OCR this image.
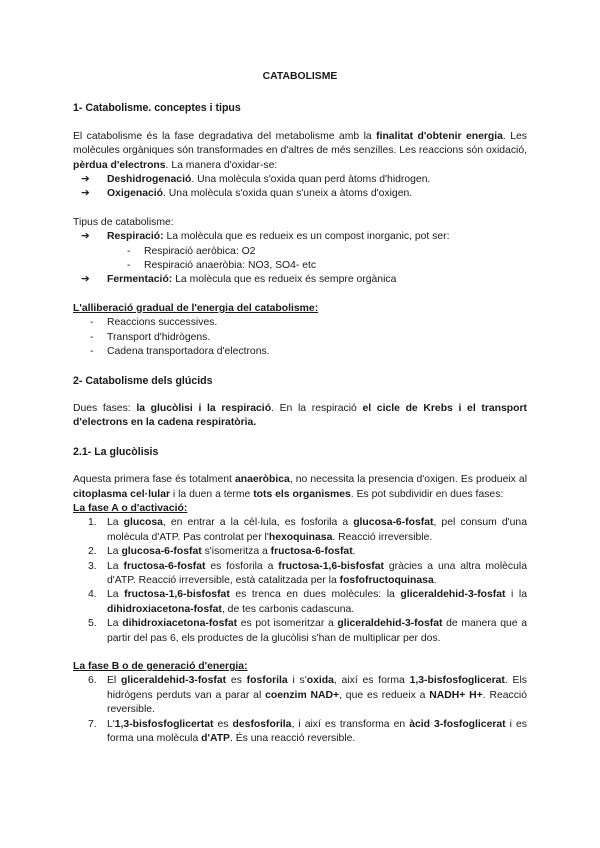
CATABOLISME
1- Catabolisme. conceptes i tipus

El catabolisme és la fase degradativa del metabolisme amb la finalitat d'obtenir energia. Les molècules orgàniques són transformades en d'altres de més senzilles. Les reaccions són oxidació, pèrdua d'electrons. La manera d'oxidar-se:

➔ Deshidrogenació. Una molècula s'oxida quan perd àtoms d'hidrogen.
➔ Oxigenació. Una molècula s'oxida quan s'uneix a àtoms d'oxigen.

Tipus de catabolisme:

➔ Respiració: La molècula que es redueix es un compost inorganic, pot ser:
- Respiració aeròbica: O2
- Respiració anaeròbia: NO3, SO4- etc
➔ Fermentació: La molècula que es redueix és sempre orgànica

L'alliberació gradual de l'energia del catabolisme:

- Reaccions successives.
- Transport d'hidrògens.
- Cadena transportadora d'electrons.
2- Catabolisme dels glúcids

Dues fases: la glucòlisi i la respiració. En la respiració el cicle de Krebs i el transport d'electrons en la cadena respiratòria.

2.1- La glucòlisis

Aquesta primera fase és totalment anaeròbica, no necessita la presencia d'oxigen. Es produeix al citoplasma cel·lular i la duen a terme tots els organismes. Es pot subdividir en dues fases:

La fase A o d'activació:

1. La glucosa, en entrar a la cèl·lula, es fosforila a glucosa-6-fosfat, pel consum d'una molècula d'ATP. Pas controlat per l'hexoquinasa. Reacció irreversible.
2. La glucosa-6-fosfat s'isomeritza a fructosa-6-fosfat.
3. La fructosa-6-fosfat es fosforila a fructosa-1,6-bisfosfat gràcies a una altra molècula d'ATP. Reacció irreversible, està catalitzada per la fosfofructoquinasa.
4. La fructosa-1,6-bisfosfat es trenca en dues molècules: la gliceraldehid-3-fosfat i la dihidroxiacetona-fosfat, de tes carbonis cadascuna.
5. La dihidroxiacetona-fosfat es pot isomeritzar a gliceraldehid-3-fosfat de manera que a partir del pas 6, els productes de la glucòlisi s'han de multiplicar per dos.

La fase B o de generació d'energia:

6. El gliceraldehid-3-fosfat es fosforila i s'oxida, així es forma 1,3-bisfosfoglicerat. Els hidrògens perduts van a parar al coenzim NAD+, que es redueix a NADH+ H+. Reacció reversible.
7. L'1,3-bisfosfoglicertat es desfosforila, i així es transforma en àcid 3-fosfoglicerat i es forma una molècula d'ATP. És una reacció reversible.
